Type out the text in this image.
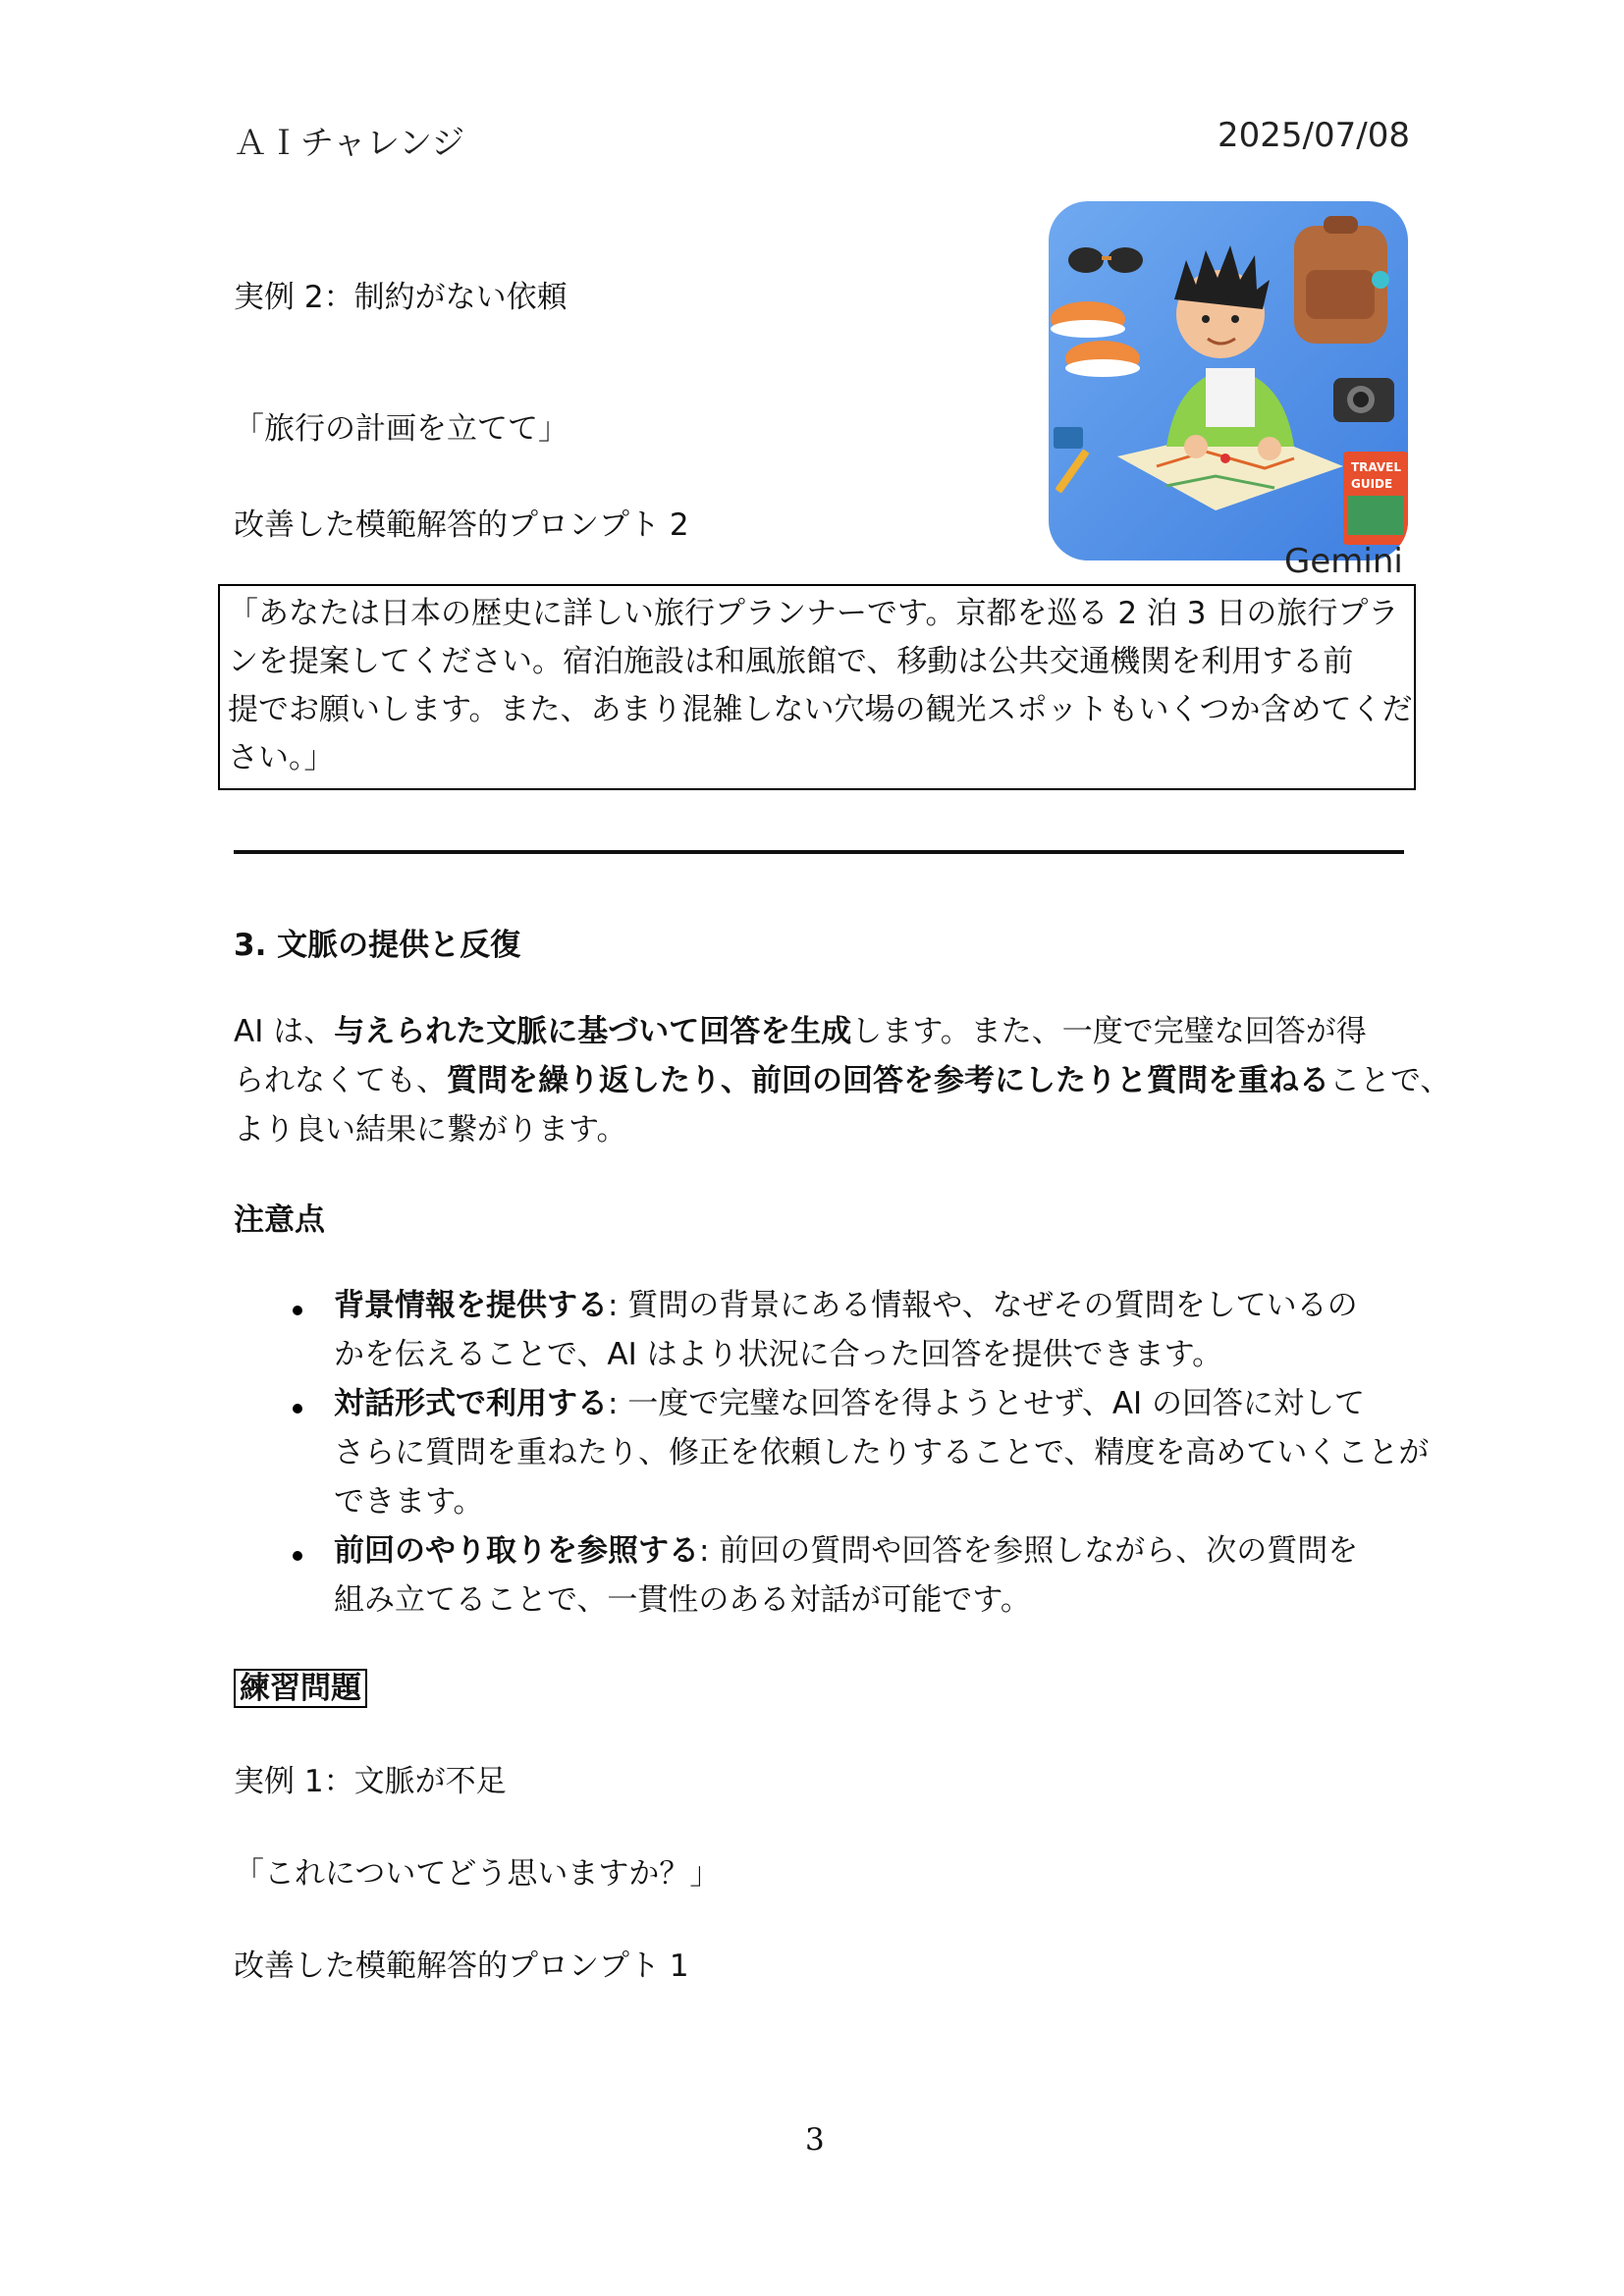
ＡＩチャレンジ	2025/07/08
実例 2：制約がない依頼
「旅行の計画を立てて」
改善した模範解答的プロンプト 2
TRAVEL
GUIDE
Gemini
「あなたは日本の歴史に詳しい旅行プランナーです。京都を巡る 2 泊 3 日の旅行プラ
ンを提案してください。宿泊施設は和風旅館で、移動は公共交通機関を利用する前
提でお願いします。また、あまり混雑しない穴場の観光スポットもいくつか含めてくだ
さい。」
3. 文脈の提供と反復
AI は、与えられた文脈に基づいて回答を生成します。また、一度で完璧な回答が得
られなくても、質問を繰り返したり、前回の回答を参考にしたりと質問を重ねることで、
より良い結果に繋がります。
注意点
背景情報を提供する: 質問の背景にある情報や、なぜその質問をしているの
かを伝えることで、AI はより状況に合った回答を提供できます。
対話形式で利用する: 一度で完璧な回答を得ようとせず、AI の回答に対して
さらに質問を重ねたり、修正を依頼したりすることで、精度を高めていくことが
できます。
前回のやり取りを参照する: 前回の質問や回答を参照しながら、次の質問を
組み立てることで、一貫性のある対話が可能です。
練習問題
実例 1：文脈が不足
「これについてどう思いますか？」
改善した模範解答的プロンプト 1
3
